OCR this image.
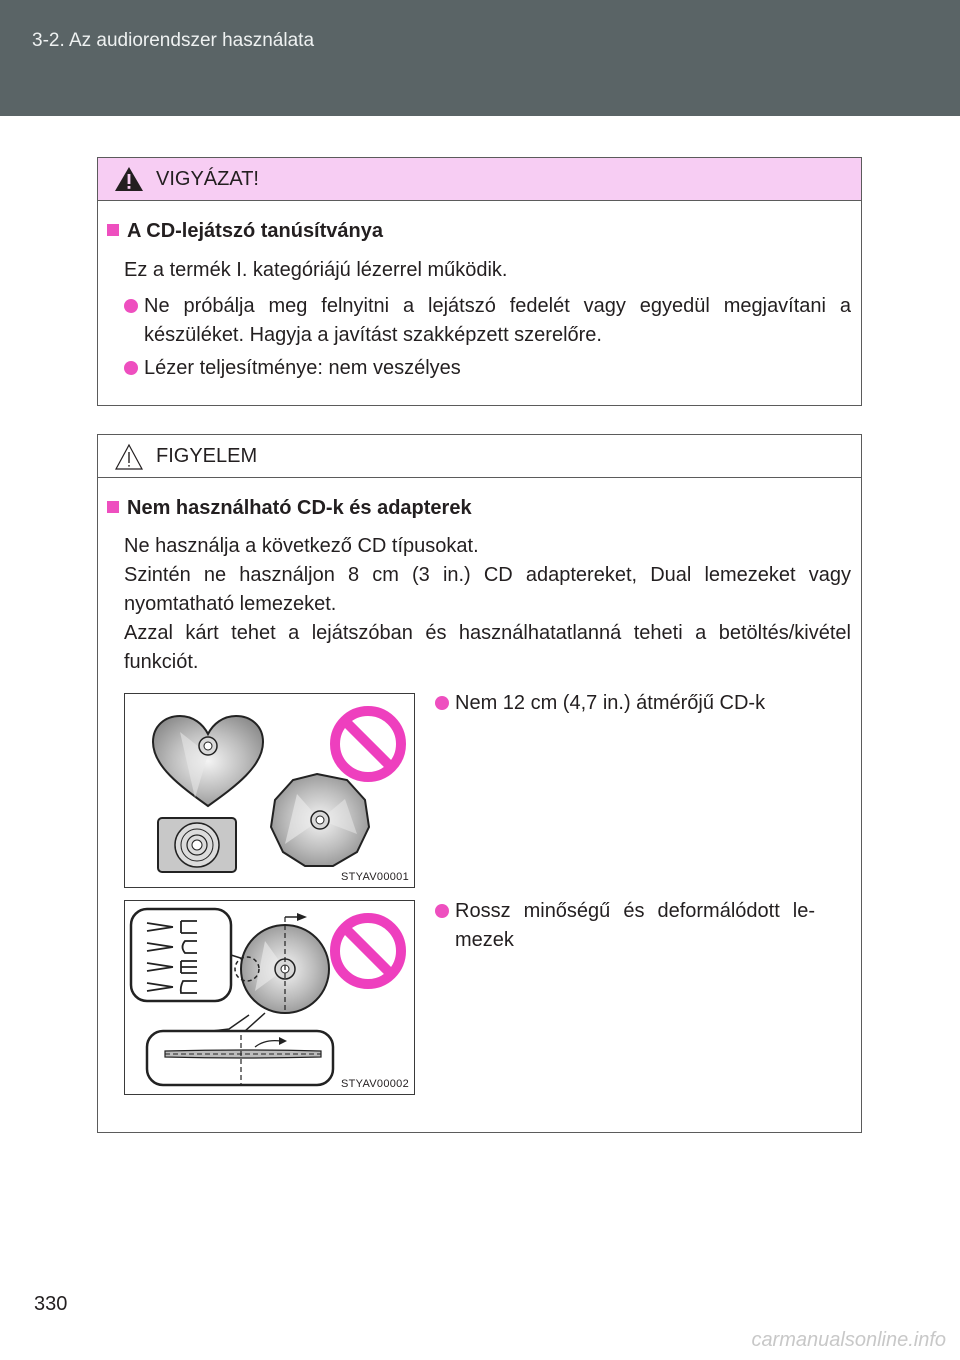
3-2. Az audiorendszer használata
VIGYÁZAT!
A CD-lejátszó tanúsítványa
Ez a termék I. kategóriájú lézerrel működik.
Ne próbálja meg felnyitni a lejátszó fedelét vagy egyedül megjavítani a készüléket. Hagyja a javítást szakképzett szerelőre.
Lézer teljesítménye: nem veszélyes
FIGYELEM
Nem használható CD-k és adapterek
Ne használja a következő CD típusokat.
Szintén ne használjon 8 cm (3 in.) CD adaptereket, Dual lemezeket vagy nyomtatható lemezeket.
Azzal kárt tehet a lejátszóban és használhatatlanná teheti a betöltés/kivétel funkciót.
STYAV00001
Nem 12 cm (4,7 in.) átmérőjű CD-k
STYAV00002
Rossz minőségű és deformálódott le-mezek
330
carmanualsonline.info
